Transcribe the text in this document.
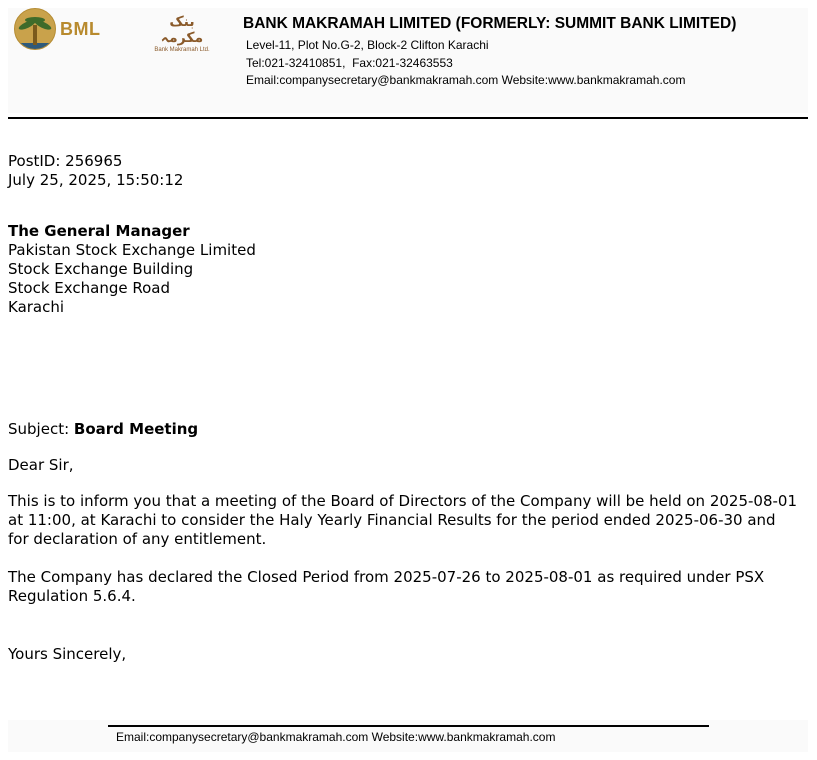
BML	بنک مکرمہ
Bank Makramah Ltd.
BANK MAKRAMAH LIMITED (FORMERLY: SUMMIT BANK LIMITED)
Level-11, Plot No.G-2, Block-2 Clifton Karachi
Tel:021-32410851,  Fax:021-32463553
Email:companysecretary@bankmakramah.com Website:www.bankmakramah.com
PostID: 256965
July 25, 2025, 15:50:12
The General Manager
Pakistan Stock Exchange Limited
Stock Exchange Building
Stock Exchange Road
Karachi
Subject: Board Meeting
Dear Sir,
This is to inform you that a meeting of the Board of Directors of the Company will be held on 2025-08-01 at 11:00, at Karachi to consider the Haly Yearly Financial Results for the period ended 2025-06-30 and for declaration of any entitlement.
The Company has declared the Closed Period from 2025-07-26 to 2025-08-01 as required under PSX Regulation 5.6.4.
Yours Sincerely,
Email:companysecretary@bankmakramah.com Website:www.bankmakramah.com
